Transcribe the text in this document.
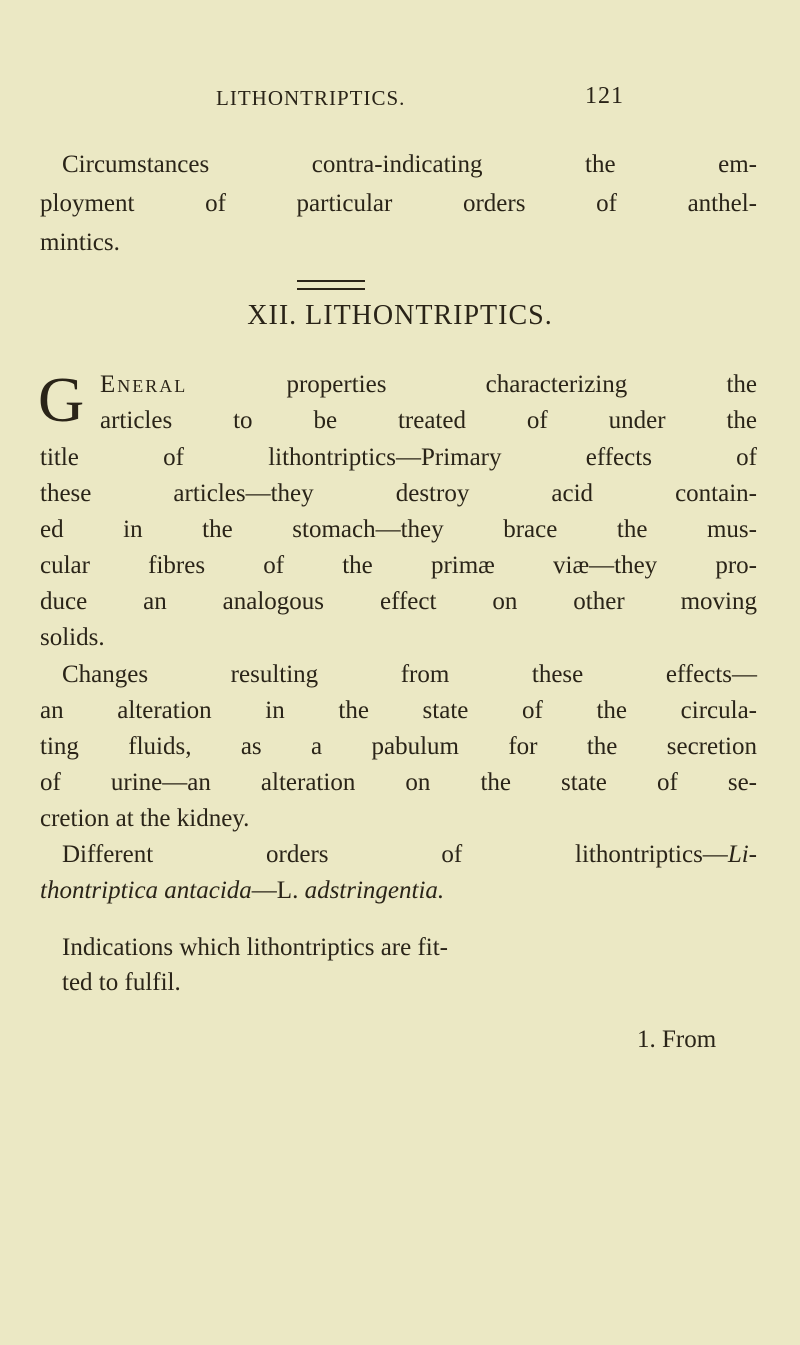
LITHONTRIPTICS.	121
Circumstances contra-indicating the em-
ployment of particular orders of anthel-
mintics.
XII. LITHONTRIPTICS.
G Eneral	properties characterizing the
articles to be treated of under the
title of lithontriptics—Primary effects of
these articles—they destroy acid contain-
ed in the stomach—they brace the mus-
cular fibres of the primæ viæ—they pro-
duce an analogous effect on other moving
solids.
Changes resulting from these effects—
an alteration in the state of the circula-
ting fluids, as a pabulum for the secretion
of urine—an alteration on the state of se-
cretion at the kidney.
Different orders of lithontriptics—Li-
thontriptica antacida—L. adstringentia.
Indications which lithontriptics are fit-
ted to fulfil.
1. From
